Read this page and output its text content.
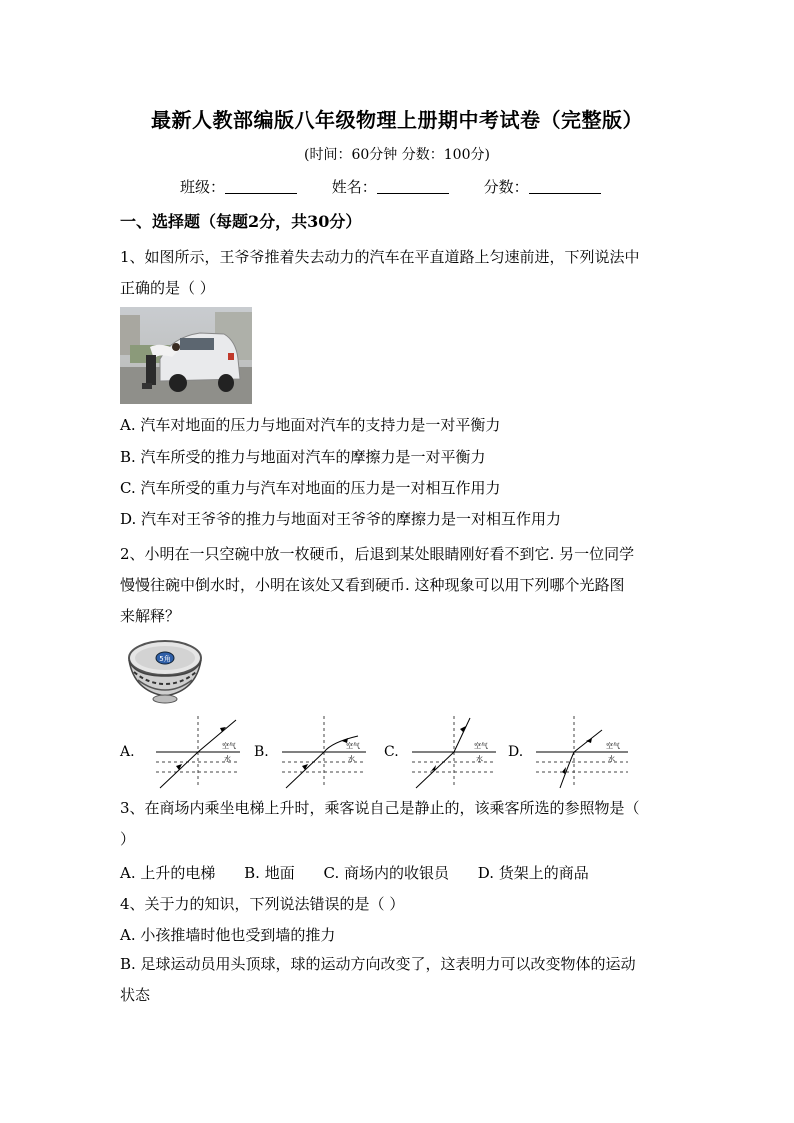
最新人教部编版八年级物理上册期中考试卷（完整版）
(时间：60分钟 分数：100分)
班级：	姓名：	分数：
一、选择题（每题2分，共30分）
1、如图所示，王爷爷推着失去动力的汽车在平直道路上匀速前进，下列说法中
正确的是（ ）
A. 汽车对地面的压力与地面对汽车的支持力是一对平衡力
B. 汽车所受的推力与地面对汽车的摩擦力是一对平衡力
C. 汽车所受的重力与汽车对地面的压力是一对相互作用力
D. 汽车对王爷爷的推力与地面对王爷爷的摩擦力是一对相互作用力
2、小明在一只空碗中放一枚硬币，后退到某处眼睛刚好看不到它. 另一位同学
慢慢往碗中倒水时，小明在该处又看到硬币. 这种现象可以用下列哪个光路图
来解释？
5角
A.	空气
水 B.	空气
水 C.	空气
水 D.	空气
水
3、在商场内乘坐电梯上升时，乘客说自己是静止的，该乘客所选的参照物是（
）
A. 上升的电梯 B. 地面 C. 商场内的收银员 D. 货架上的商品
4、关于力的知识，下列说法错误的是（ ）
A. 小孩推墙时他也受到墙的推力
B. 足球运动员用头顶球，球的运动方向改变了，这表明力可以改变物体的运动
状态
